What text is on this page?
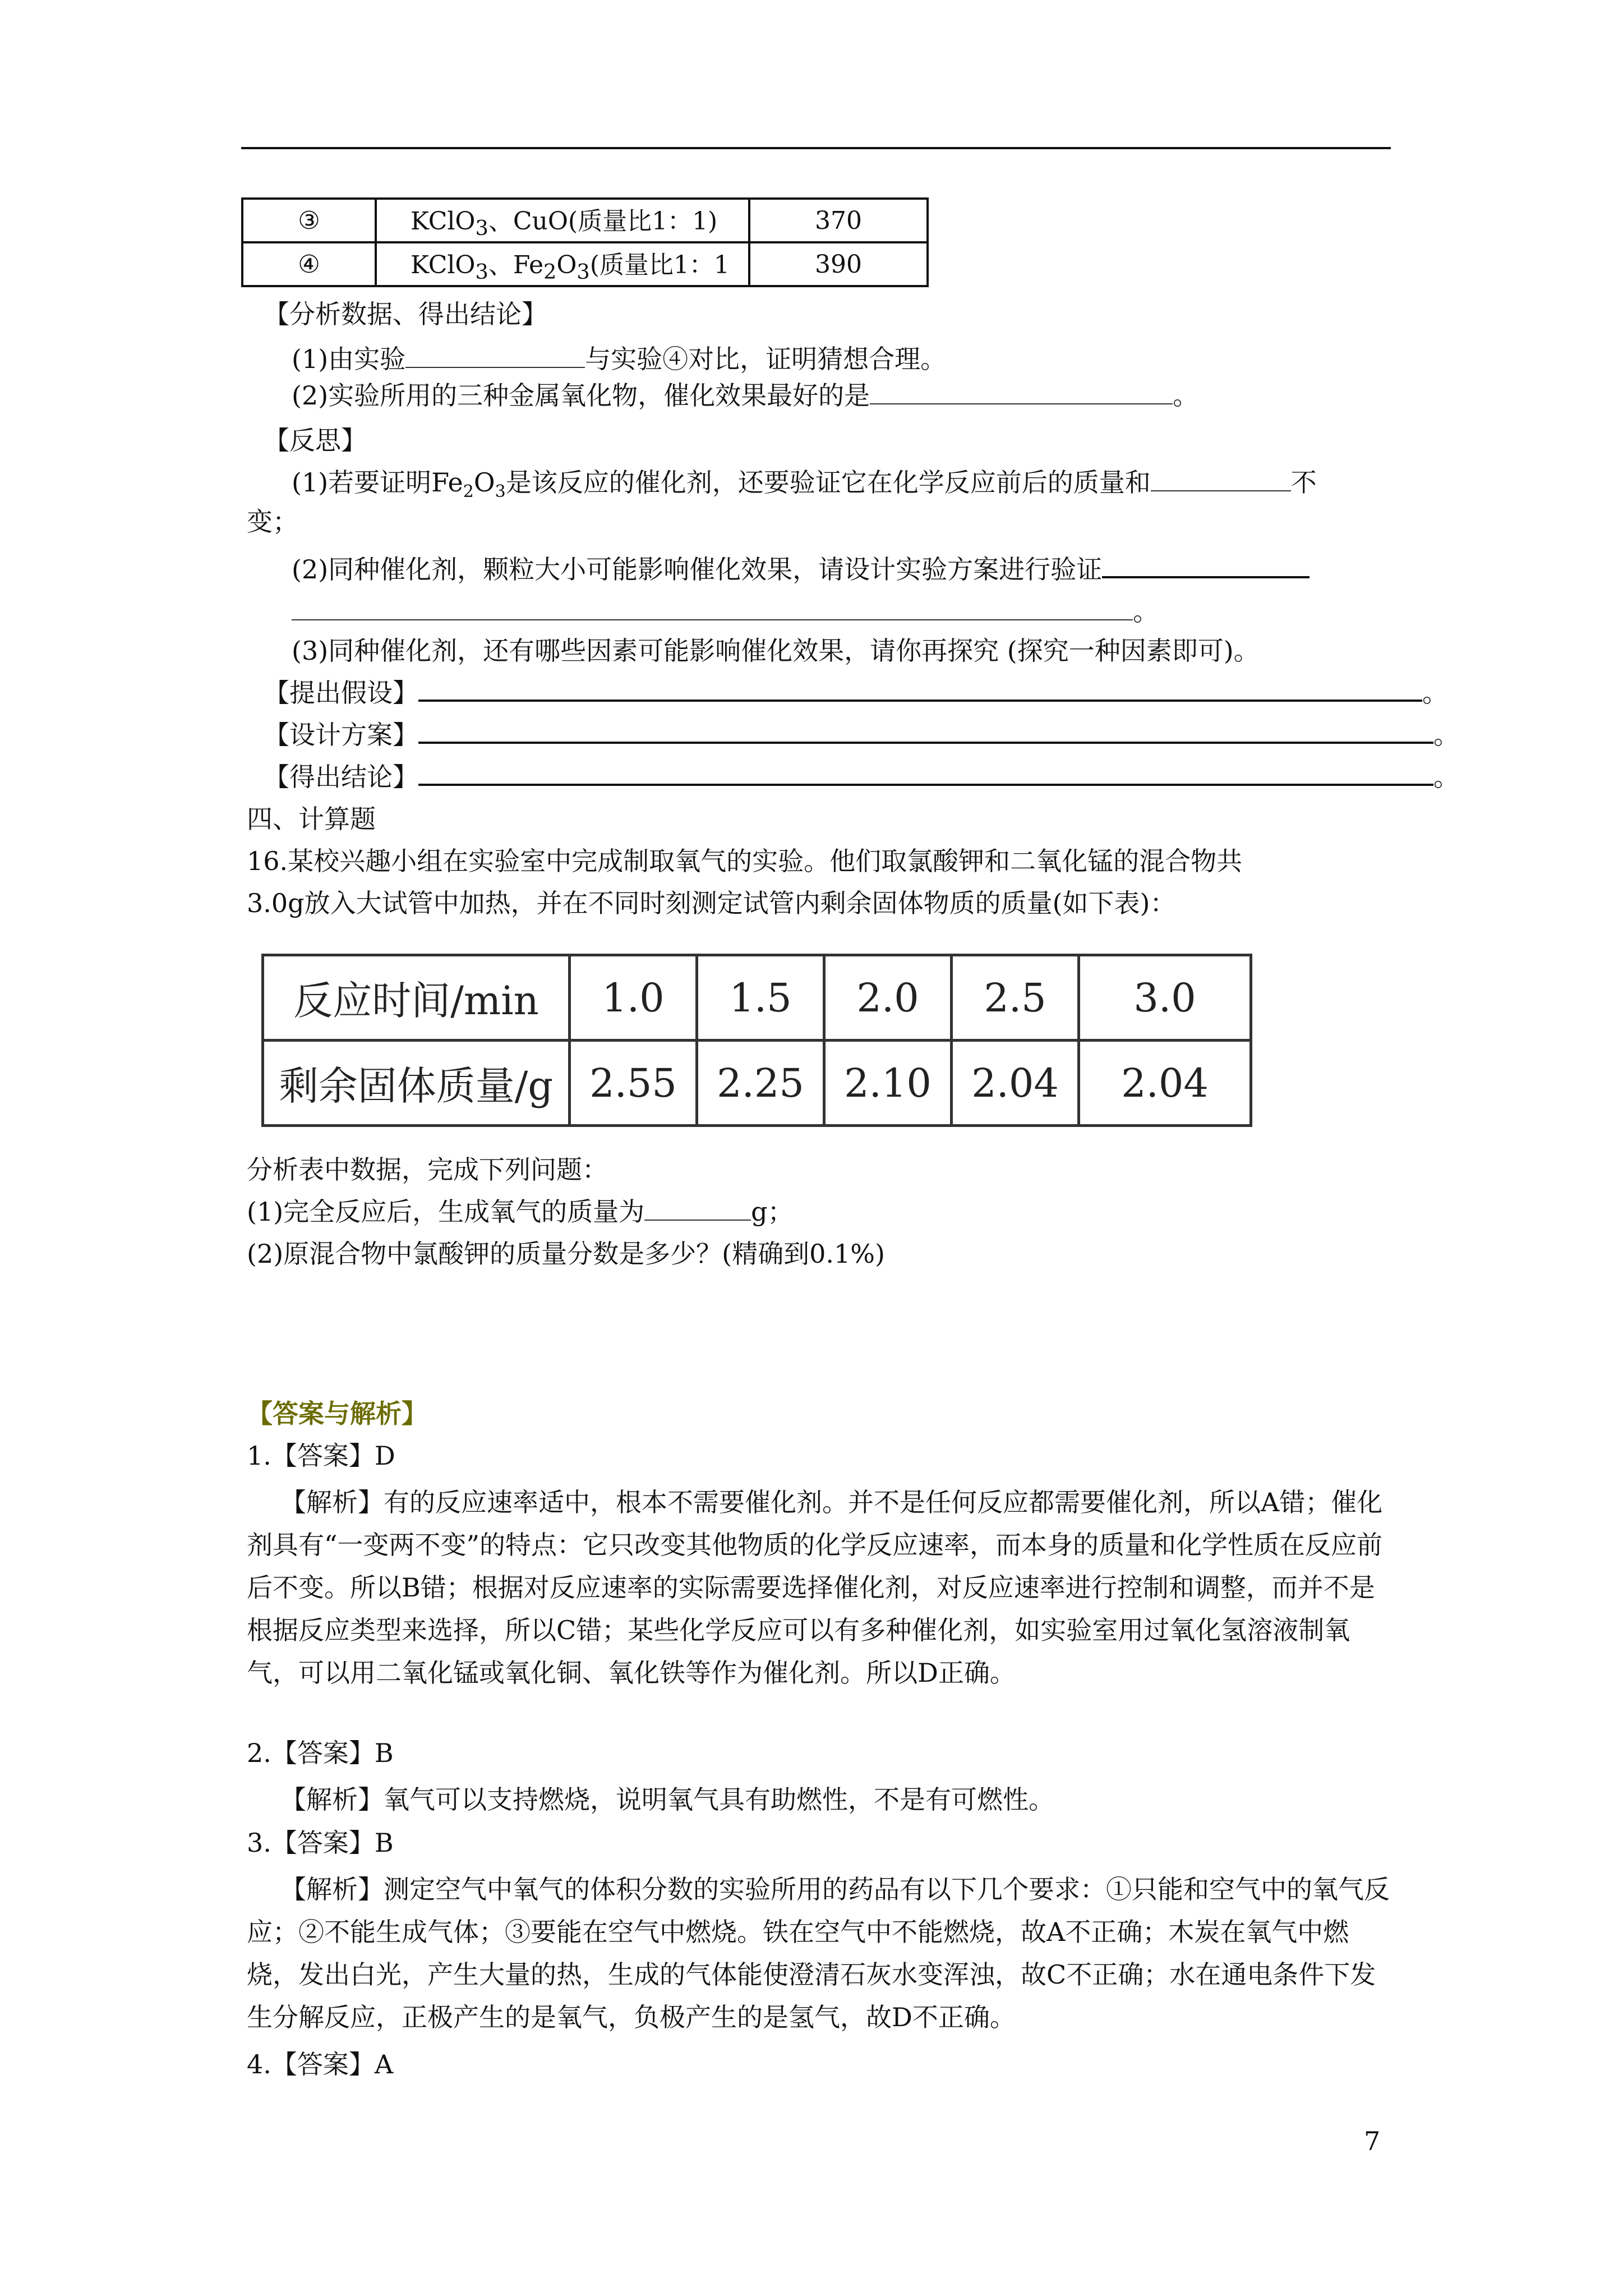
③	KClO$_3$、CuO(质量比1：1)	370
④	KClO$_3$、$Fe_2O_3$(质量比1：1	390
【分析数据、得出结论】
(1)由实验	与实验④对比，证明猜想合理。
(2)实验所用的三种金属氧化物，催化效果最好的是	。
【反思】
(1)若要证明$Fe_2O_3$是该反应的催化剂，还要验证它在化学反应前后的质量和	不
变；
(2)同种催化剂，颗粒大小可能影响催化效果，请设计实验方案进行验证
。
(3)同种催化剂，还有哪些因素可能影响催化效果，请你再探究 (探究一种因素即可)。
【提出假设】	。
【设计方案】	。
【得出结论】	。
四、计算题
16.某校兴趣小组在实验室中完成制取氧气的实验。他们取氯酸钾和二氧化锰的混合物共
3.0g放入大试管中加热，并在不同时刻测定试管内剩余固体物质的质量(如下表)：
反应时间/min	1.0	1.5	2.0	2.5	3.0
剩余固体质量/g	2.55	2.25	2.10	2.04	2.04
分析表中数据，完成下列问题：
(1)完全反应后，生成氧气的质量为	g；
(2)原混合物中氯酸钾的质量分数是多少？(精确到0.1%)
【答案与解析】
1.【答案】D
【解析】有的反应速率适中，根本不需要催化剂。并不是任何反应都需要催化剂，所以A错；催化剂具有“一变两不变”的特点：它只改变其他物质的化学反应速率，而本身的质量和化学性质在反应前后不变。所以B错；根据对反应速率的实际需要选择催化剂，对反应速率进行控制和调整，而并不是根据反应类型来选择，所以C错；某些化学反应可以有多种催化剂，如实验室用过氧化氢溶液制氧气，可以用二氧化锰或氧化铜、氧化铁等作为催化剂。所以D正确。
2.【答案】B
【解析】氧气可以支持燃烧，说明氧气具有助燃性，不是有可燃性。
3.【答案】B
【解析】测定空气中氧气的体积分数的实验所用的药品有以下几个要求：①只能和空气中的氧气反应；②不能生成气体；③要能在空气中燃烧。铁在空气中不能燃烧，故A不正确；木炭在氧气中燃烧，发出白光，产生大量的热，生成的气体能使澄清石灰水变浑浊，故C不正确；水在通电条件下发生分解反应，正极产生的是氧气，负极产生的是氢气，故D不正确。
4.【答案】A
7
